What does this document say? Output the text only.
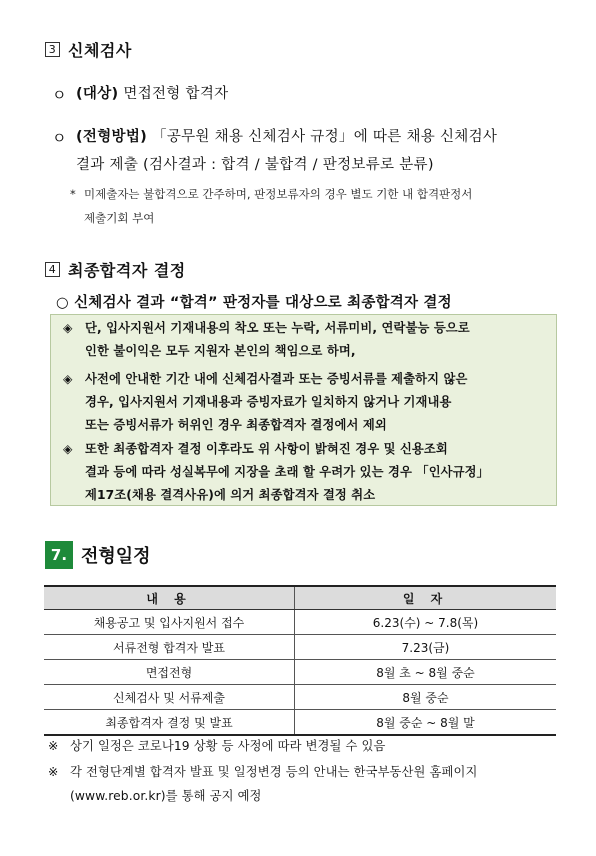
3 신체검사
ㅇ (대상) 면접전형 합격자
ㅇ (전형방법) 「공무원 채용 신체검사 규정」에 따른 채용 신체검사
결과 제출 (검사결과 : 합격 / 불합격 / 판정보류로 분류)
* 미제출자는 불합격으로 간주하며, 판정보류자의 경우 별도 기한 내 합격판정서
제출기회 부여
4 최종합격자 결정
○ 신체검사 결과 “합격” 판정자를 대상으로 최종합격자 결정
◈ 단, 입사지원서 기재내용의 착오 또는 누락, 서류미비, 연락불능 등으로
인한 불이익은 모두 지원자 본인의 책임으로 하며,
◈ 사전에 안내한 기간 내에 신체검사결과 또는 증빙서류를 제출하지 않은
경우, 입사지원서 기재내용과 증빙자료가 일치하지 않거나 기재내용
또는 증빙서류가 허위인 경우 최종합격자 결정에서 제외
◈ 또한 최종합격자 결정 이후라도 위 사항이 밝혀진 경우 및 신용조회
결과 등에 따라 성실복무에 지장을 초래 할 우려가 있는 경우 「인사규정」
제17조(채용 결격사유)에 의거 최종합격자 결정 취소
7. 전형일정
내 용	일 자
채용공고 및 입사지원서 접수	6.23(수) ~ 7.8(목)
서류전형 합격자 발표	7.23(금)
면접전형	8월 초 ~ 8월 중순
신체검사 및 서류제출	8월 중순
최종합격자 결정 및 발표	8월 중순 ~ 8월 말
※ 상기 일정은 코로나19 상황 등 사정에 따라 변경될 수 있음
※ 각 전형단계별 합격자 발표 및 일정변경 등의 안내는 한국부동산원 홈페이지
(www.reb.or.kr)를 통해 공지 예정
